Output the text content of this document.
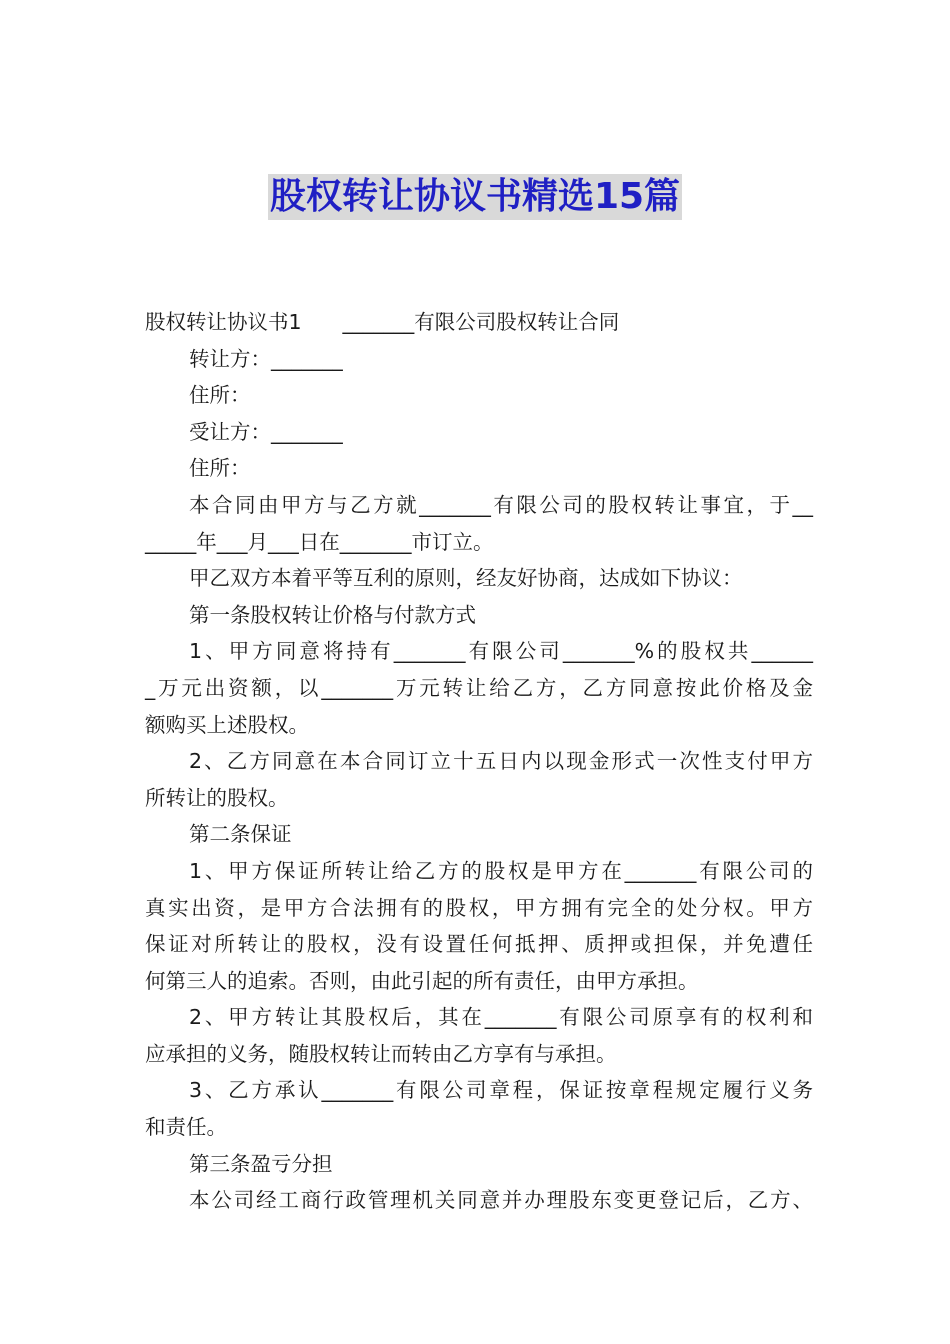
股权转让协议书精选15篇
股权转让协议书1　　_______有限公司股权转让合同
转让方：_______
住所：
受让方：_______
住所：
本合同由甲方与乙方就_______有限公司的股权转让事宜，于__
_____年___月___日在_______市订立。
甲乙双方本着平等互利的原则，经友好协商，达成如下协议：
第一条股权转让价格与付款方式
1、甲方同意将持有_______有限公司_______%的股权共______
_万元出资额，以_______万元转让给乙方，乙方同意按此价格及金
额购买上述股权。
2、乙方同意在本合同订立十五日内以现金形式一次性支付甲方
所转让的股权。
第二条保证
1、甲方保证所转让给乙方的股权是甲方在_______有限公司的
真实出资，是甲方合法拥有的股权，甲方拥有完全的处分权。甲方
保证对所转让的股权，没有设置任何抵押、质押或担保，并免遭任
何第三人的追索。否则，由此引起的所有责任，由甲方承担。
2、甲方转让其股权后，其在_______有限公司原享有的权利和
应承担的义务，随股权转让而转由乙方享有与承担。
3、乙方承认_______有限公司章程，保证按章程规定履行义务
和责任。
第三条盈亏分担
本公司经工商行政管理机关同意并办理股东变更登记后，乙方、
